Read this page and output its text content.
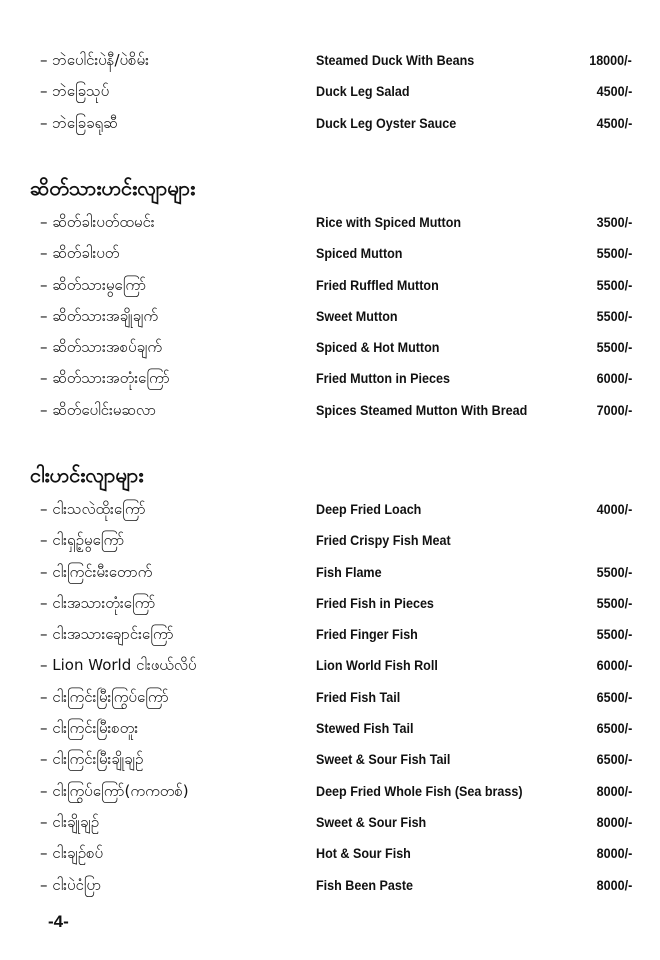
– ဘဲပေါင်းပဲနီ/ပဲစိမ်း	Steamed Duck With Beans	18000/-
– ဘဲခြေသုပ်	Duck Leg Salad	4500/-
– ဘဲခြေခရုဆီ	Duck Leg Oyster Sauce	4500/-
ဆိတ်သားဟင်းလျာများ
– ဆိတ်ခါးပတ်ထမင်း	Rice with Spiced Mutton	3500/-
– ဆိတ်ခါးပတ်	Spiced Mutton	5500/-
– ဆိတ်သားမွကြော်	Fried Ruffled Mutton	5500/-
– ဆိတ်သားအချိုချက်	Sweet Mutton	5500/-
– ဆိတ်သားအစပ်ချက်	Spiced & Hot Mutton	5500/-
– ဆိတ်သားအတုံးကြော်	Fried Mutton in Pieces	6000/-
– ဆိတ်ပေါင်းမဆလာ	Spices Steamed Mutton With Bread	7000/-
ငါးဟင်းလျာများ
– ငါးသလဲထိုးကြော်	Deep Fried Loach	4000/-
– ငါးရှဥ့်မွကြော်	Fried Crispy Fish Meat
– ငါးကြင်းမီးတောက်	Fish Flame	5500/-
– ငါးအသားတုံးကြော်	Fried Fish in Pieces	5500/-
– ငါးအသားချောင်းကြော်	Fried Finger Fish	5500/-
– Lion World ငါးဖယ်လိပ်	Lion World Fish Roll	6000/-
– ငါးကြင်းမြီးကြွပ်ကြော်	Fried Fish Tail	6500/-
– ငါးကြင်းမြီးစတူး	Stewed Fish Tail	6500/-
– ငါးကြင်းမြီးချိုချဥ်	Sweet & Sour Fish Tail	6500/-
– ငါးကြွပ်ကြော်(ကကတစ်)	Deep Fried Whole Fish (Sea brass)	8000/-
– ငါးချိုချဥ်	Sweet & Sour Fish	8000/-
– ငါးချဥ်စပ်	Hot & Sour Fish	8000/-
– ငါးပဲငံပြာ	Fish Been Paste	8000/-
-4-
